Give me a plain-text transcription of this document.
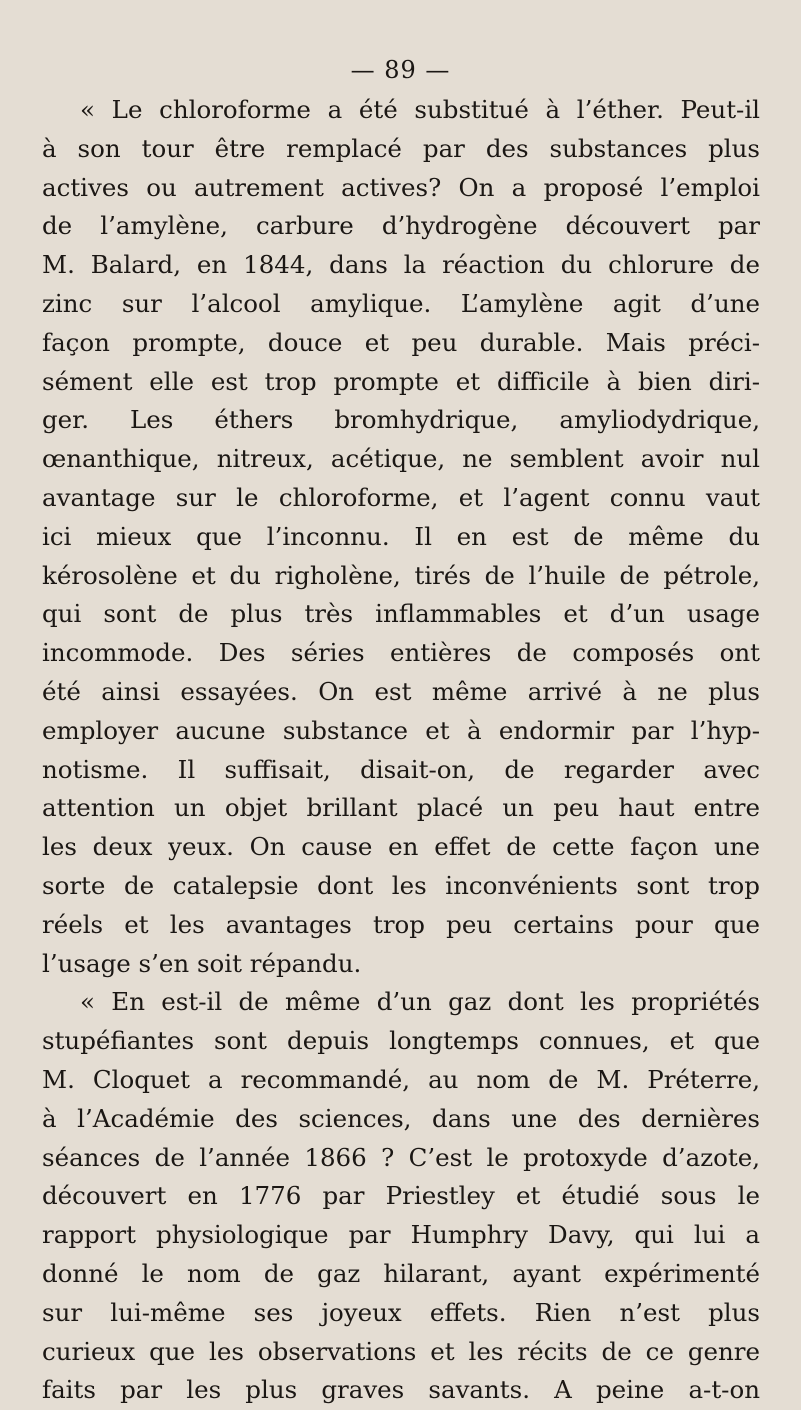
— 89 —
« Le chloroforme a été substitué à l’éther. Peut-il
à son tour être remplacé par des substances plus
actives ou autrement actives? On a proposé l’emploi
de l’amylène, carbure d’hydrogène découvert par
M. Balard, en 1844, dans la réaction du chlorure de
zinc sur l’alcool amylique. L’amylène agit d’une
façon prompte, douce et peu durable. Mais préci-
sément elle est trop prompte et difficile à bien diri-
ger. Les éthers bromhydrique, amyliodydrique,
œnanthique, nitreux, acétique, ne semblent avoir nul
avantage sur le chloroforme, et l’agent connu vaut
ici mieux que l’inconnu. Il en est de même du
kérosolène et du righolène, tirés de l’huile de pétrole,
qui sont de plus très inflammables et d’un usage
incommode. Des séries entières de composés ont
été ainsi essayées. On est même arrivé à ne plus
employer aucune substance et à endormir par l’hyp-
notisme. Il suffisait, disait-on, de regarder avec
attention un objet brillant placé un peu haut entre
les deux yeux. On cause en effet de cette façon une
sorte de catalepsie dont les inconvénients sont trop
réels et les avantages trop peu certains pour que
l’usage s’en soit répandu.
« En est-il de même d’un gaz dont les propriétés
stupéfiantes sont depuis longtemps connues, et que
M. Cloquet a recommandé, au nom de M. Préterre,
à l’Académie des sciences, dans une des dernières
séances de l’année 1866 ? C’est le protoxyde d’azote,
découvert en 1776 par Priestley et étudié sous le
rapport physiologique par Humphry Davy, qui lui a
donné le nom de gaz hilarant, ayant expérimenté
sur lui-même ses joyeux effets. Rien n’est plus
curieux que les observations et les récits de ce genre
faits par les plus graves savants. A peine a-t-on
